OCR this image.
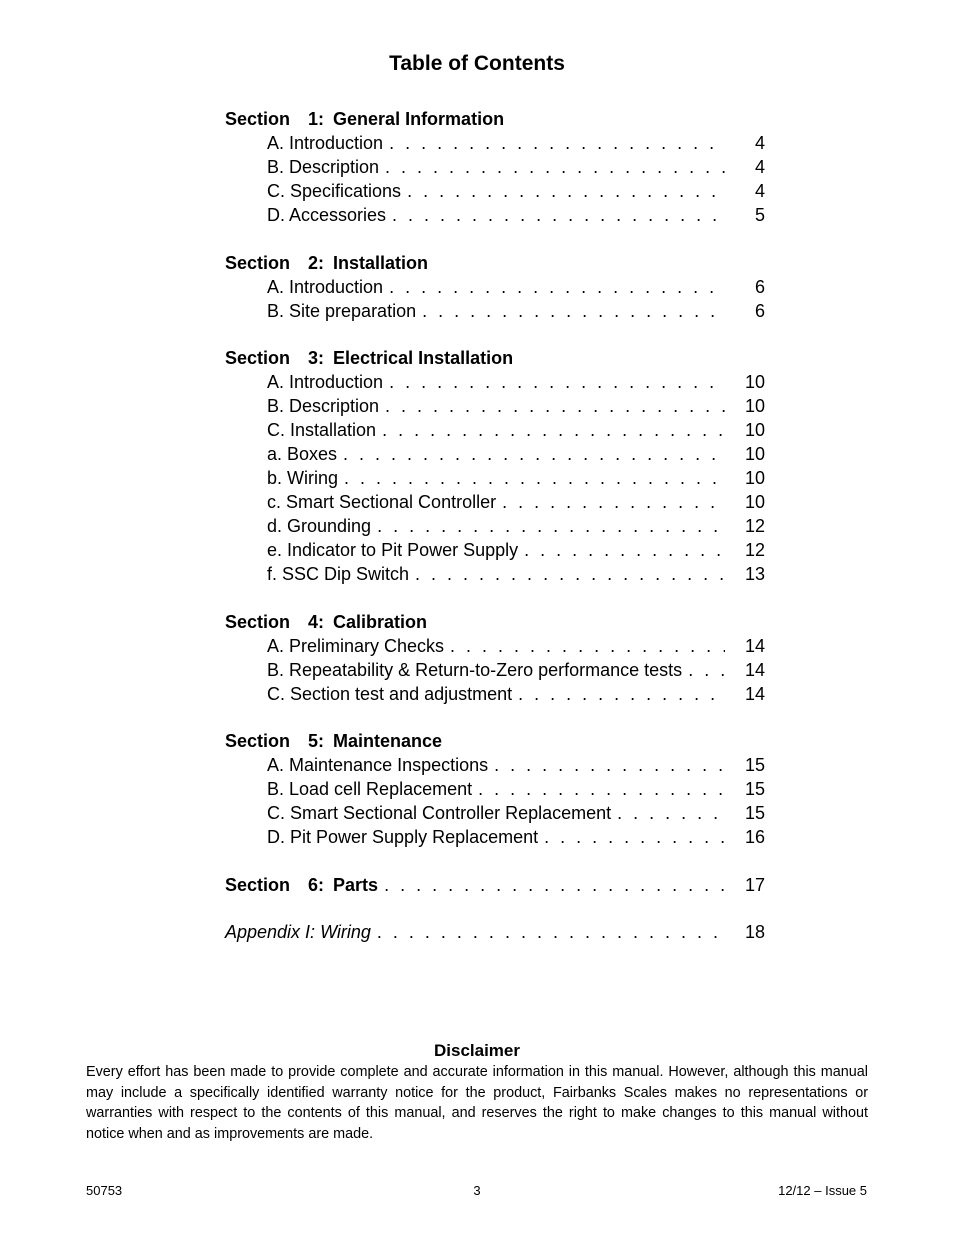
Table of Contents
Section 1: General Information
A. Introduction . . .	4
B. Description . . .	4
C. Specifications . . .	4
D. Accessories . . .	5
Section 2: Installation
A. Introduction . . .	6
B. Site preparation . . .	6
Section 3: Electrical Installation
A. Introduction . . .	10
B. Description . . .	10
C. Installation . . .	10
a. Boxes . . .	10
b. Wiring . . .	10
c. Smart Sectional Controller . . .	10
d. Grounding . . .	12
e. Indicator to Pit Power Supply . . .	12
f. SSC Dip Switch . . .	13
Section 4: Calibration
A. Preliminary Checks . . .	14
B. Repeatability & Return-to-Zero performance tests . . .	14
C. Section test and adjustment . . .	14
Section 5: Maintenance
A. Maintenance Inspections . . .	15
B. Load cell Replacement . . .	15
C. Smart Sectional Controller Replacement . . .	15
D. Pit Power Supply Replacement . . .	16
Section 6: Parts . . .	17
Appendix I: Wiring . . .	18
Disclaimer
Every effort has been made to provide complete and accurate information in this manual. However, although this manual may include a specifically identified warranty notice for the product, Fairbanks Scales makes no representations or warranties with respect to the contents of this manual, and reserves the right to make changes to this manual without notice when and as improvements are made.
50753	3	12/12 – Issue 5
